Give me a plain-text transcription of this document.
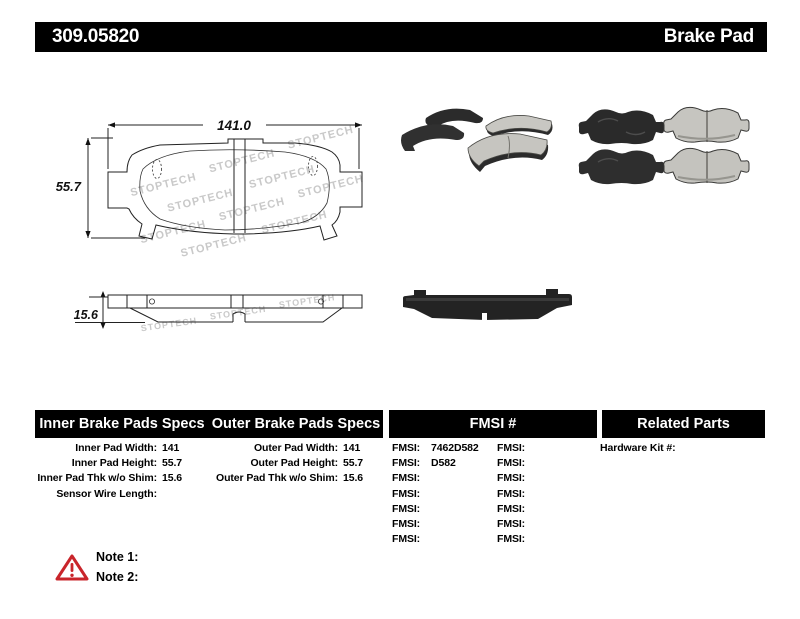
309.05820	Brake Pad
STOPTECH
STOPTECH
STOPTECH
STOPTECH
STOPTECH
STOPTECH
STOPTECH
STOPTECH
STOPTECH
STOPTECH
STOPTECH
STOPTECH
STOPTECH
141.0
55.7
15.6
Inner Brake Pads Specs Outer Brake Pads Specs	FMSI #	Related Parts
Inner Pad Width: 141
Inner Pad Height: 55.7
Inner Pad Thk w/o Shim: 15.6
Sensor Wire Length:
Outer Pad Width: 141
Outer Pad Height: 55.7
Outer Pad Thk w/o Shim: 15.6
FMSI:	7462D582
FMSI:	D582
FMSI:
FMSI:
FMSI:
FMSI:
FMSI:
FMSI:
FMSI:
FMSI:
FMSI:
FMSI:
FMSI:
FMSI:
Hardware Kit #:
Note 1:
Note 2:
